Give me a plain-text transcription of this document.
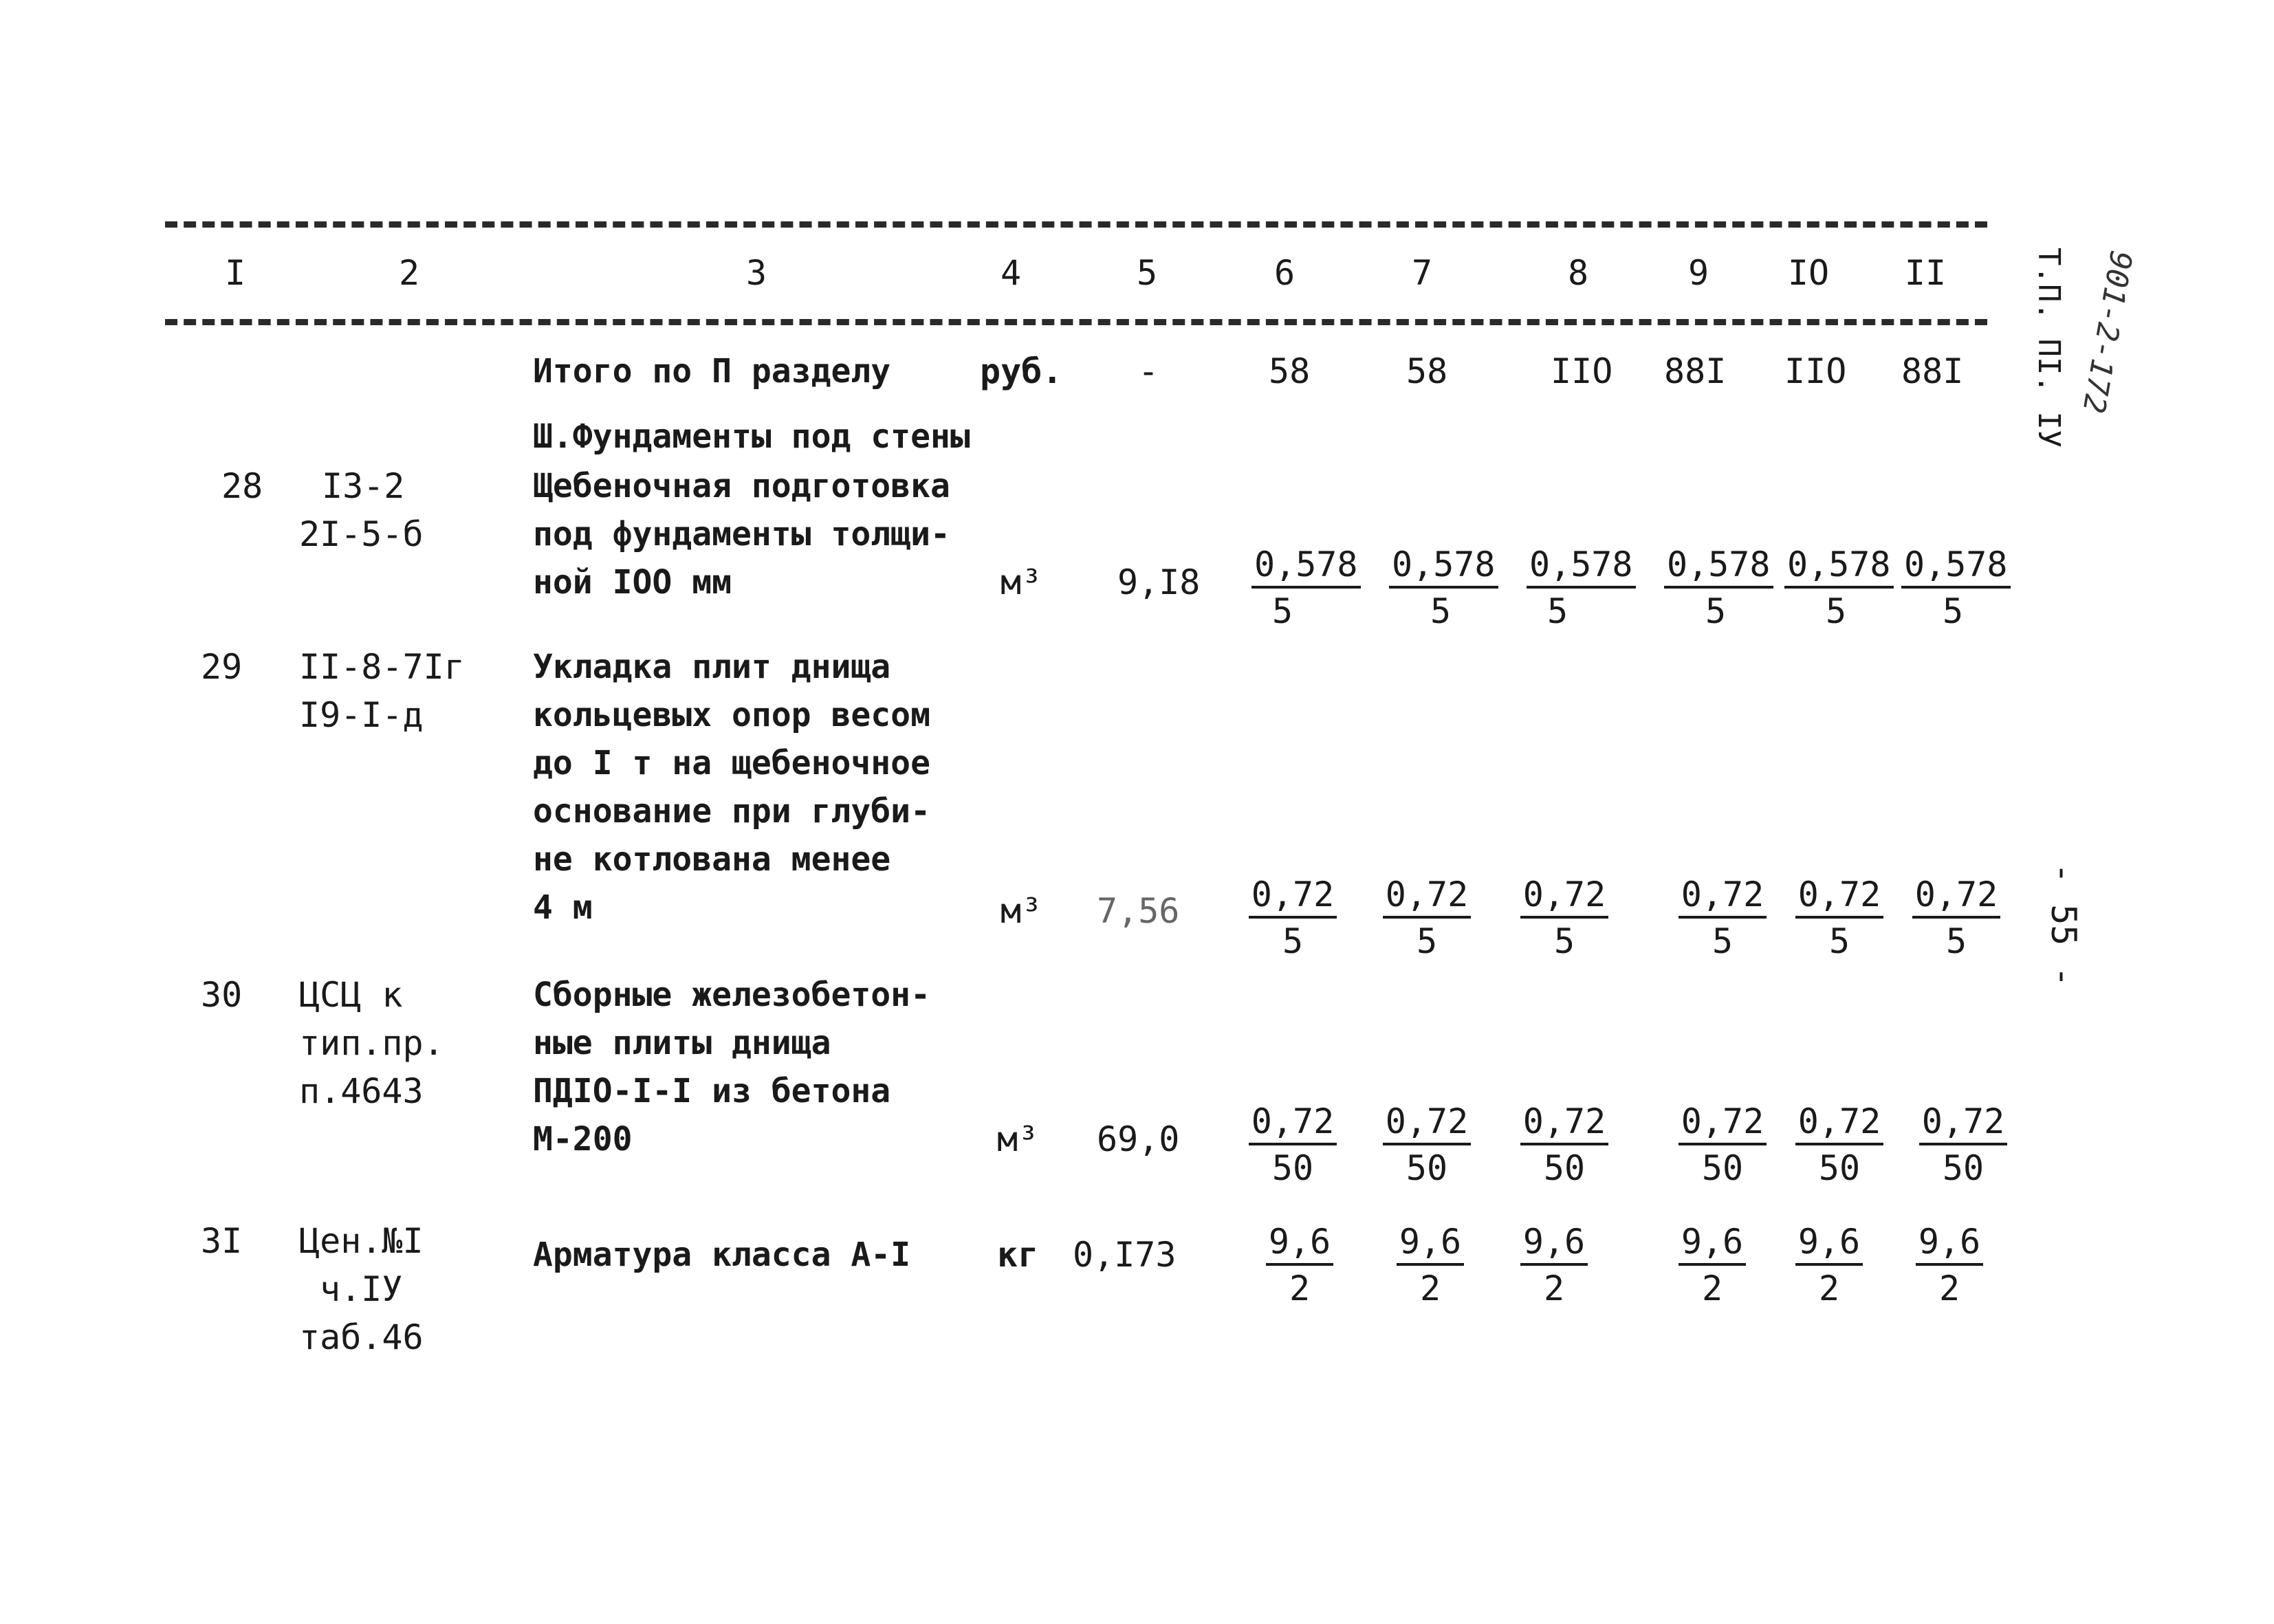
I	2	3	4	5	6	7	8	9	IO	II
Итого по П разделу	руб. -	58	58	IIO 88I IIO 88I
Ш.Фундаменты под стены
28 I3-2
2I-5-б
Щебеночная подготовка
под фундаменты толщи-
ной IOO мм	м³ $9,I8 \frac{0,578}{5} \frac{0,578}{5} \frac{0,578}{5} \frac{0,578}{5} \frac{0,578}{5} \frac{0,578}{5}$
29 II-8-7Iг
I9-I-д
Укладка плит днища
кольцевых опор весом
до I т на щебеночное
основание при глуби-
не котлована менее
4 м	м³ $7,56 \frac{0,72}{5} \frac{0,72}{5} \frac{0,72}{5} \frac{0,72}{5} \frac{0,72}{5} \frac{0,72}{5}$
30 ЦСЦ к
тип.пр.
п.4643
Сборные железобетон-
ные плиты днища
ПДIO-I-I из бетона
М-200	м³ $69,0 \frac{0,72}{50} \frac{0,72}{50} \frac{0,72}{50} \frac{0,72}{50} \frac{0,72}{50} \frac{0,72}{50}$
3I Цен.№I
ч.IУ
таб.46
Арматура класса А-I	кг $0,I73 \frac{9,6}{2} \frac{9,6}{2} \frac{9,6}{2} \frac{9,6}{2} \frac{9,6}{2} \frac{9,6}{2}$
Т.П. ПI. IУ 901-2-172
- 55 -
